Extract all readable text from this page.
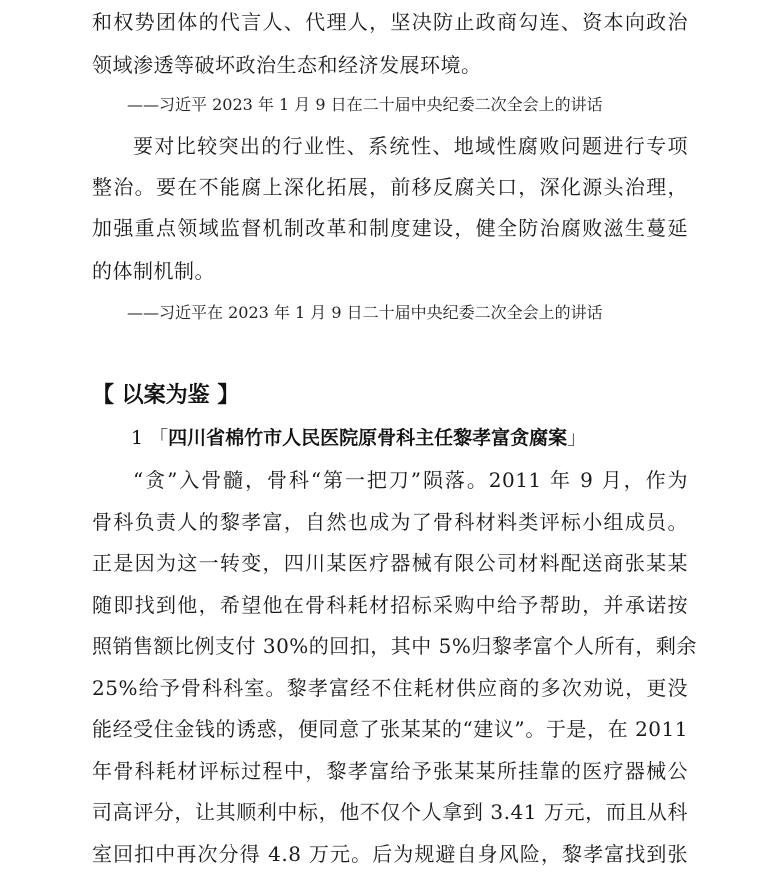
和权势团体的代言人、代理人，坚决防止政商勾连、资本向政治
领域渗透等破坏政治生态和经济发展环境。
——习近平 2023 年 1 月 9 日在二十届中央纪委二次全会上的讲话
要对比较突出的行业性、系统性、地域性腐败问题进行专项
整治。要在不能腐上深化拓展，前移反腐关口，深化源头治理，
加强重点领域监督机制改革和制度建设，健全防治腐败滋生蔓延
的体制机制。
——习近平在 2023 年 1 月 9 日二十届中央纪委二次全会上的讲话
【 以案为鉴 】
1 「四川省棉竹市人民医院原骨科主任黎孝富贪腐案」
“贪”入骨髓，骨科“第一把刀”陨落。2011 年 9 月，作为
骨科负责人的黎孝富，自然也成为了骨科材料类评标小组成员。
正是因为这一转变，四川某医疗器械有限公司材料配送商张某某
随即找到他，希望他在骨科耗材招标采购中给予帮助，并承诺按
照销售额比例支付 30%的回扣，其中 5%归黎孝富个人所有，剩余
25%给予骨科科室。黎孝富经不住耗材供应商的多次劝说，更没
能经受住金钱的诱惑，便同意了张某某的“建议”。于是，在 2011
年骨科耗材评标过程中，黎孝富给予张某某所挂靠的医疗器械公
司高评分，让其顺利中标，他不仅个人拿到 3.41 万元，而且从科
室回扣中再次分得 4.8 万元。后为规避自身风险，黎孝富找到张
